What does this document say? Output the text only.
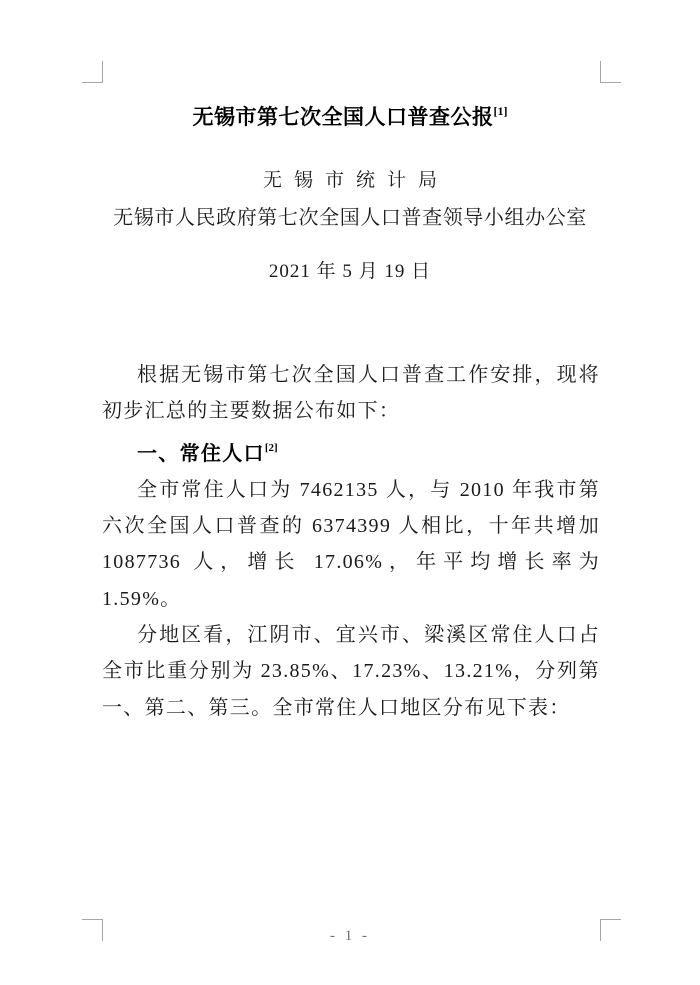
无锡市第七次全国人口普查公报[1]
无锡市统计局
无锡市人民政府第七次全国人口普查领导小组办公室
2021 年 5 月 19 日

根据无锡市第七次全国人口普查工作安排，现将初步汇总的主要数据公布如下：

一、常住人口[2]

全市常住人口为 7462135 人，与 2010 年我市第六次全国人口普查的 6374399 人相比，十年共增加 1087736 人，增长 17.06%，年平均增长率为 1.59%。

分地区看，江阴市、宜兴市、梁溪区常住人口占全市比重分别为 23.85%、17.23%、13.21%，分列第一、第二、第三。全市常住人口地区分布见下表：

- 1 -
